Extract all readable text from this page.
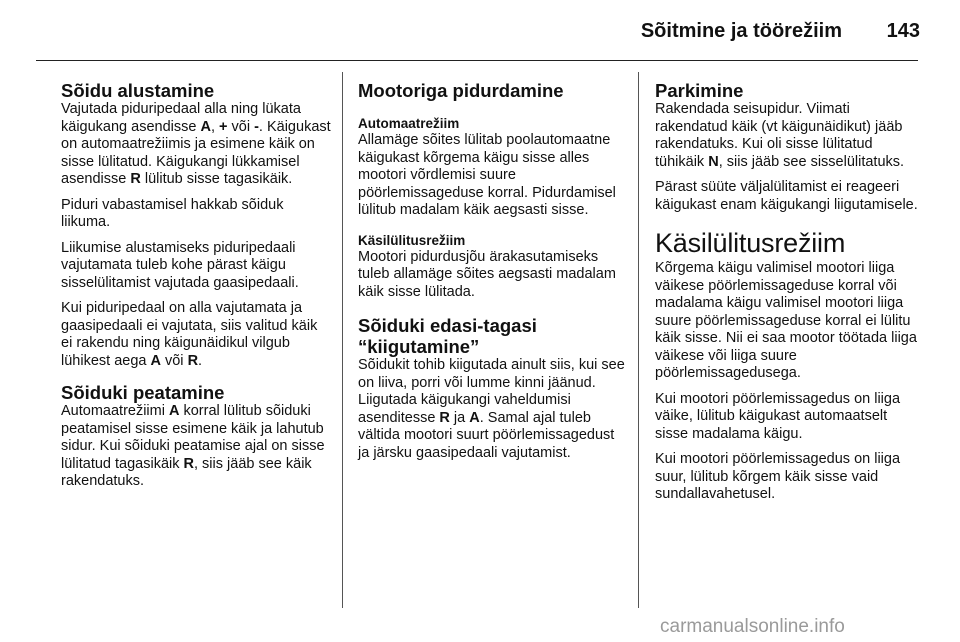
Sõitmine ja töörežiim 143
Sõidu alustamine

Vajutada piduripedaal alla ning lükata käigukang asendisse A, + või -. Käigukast on automaatrežiimis ja esimene käik on sisse lülitatud. Käigukangi lükkamisel asendisse R lülitub sisse tagasikäik.

Piduri vabastamisel hakkab sõiduk liikuma.

Liikumise alustamiseks piduripedaali vajutamata tuleb kohe pärast käigu sisselülitamist vajutada gaasipedaali.

Kui piduripedaal on alla vajutamata ja gaasipedaali ei vajutata, siis valitud käik ei rakendu ning käigunäidikul vilgub lühikest aega A või R.

Sõiduki peatamine

Automaatrežiimi A korral lülitub sõiduki peatamisel sisse esimene käik ja lahutub sidur. Kui sõiduki peatamise ajal on sisse lülitatud tagasikäik R, siis jääb see käik rakendatuks.

Mootoriga pidurdamine
Automaatrežiim

Allamäge sõites lülitab poolautomaatne käigukast kõrgema käigu sisse alles mootori võrdlemisi suure pöörlemissageduse korral. Pidurdamisel lülitub madalam käik aegsasti sisse.

Käsilülitusrežiim

Mootori pidurdusjõu ärakasutamiseks tuleb allamäge sõites aegsasti madalam käik sisse lülitada.

Sõiduki edasi-tagasi
“kiigutamine”

Sõidukit tohib kiigutada ainult siis, kui see on liiva, porri või lumme kinni jäänud. Liigutada käigukangi vaheldumisi asenditesse R ja A. Samal ajal tuleb vältida mootori suurt pöörlemissagedust ja järsku gaasipedaali vajutamist.

Parkimine

Rakendada seisupidur. Viimati rakendatud käik (vt käigunäidikut) jääb rakendatuks. Kui oli sisse lülitatud tühikäik N, siis jääb see sisselülitatuks.

Pärast süüte väljalülitamist ei reageeri käigukast enam käigukangi liigutamisele.

Käsilülitusrežiim

Kõrgema käigu valimisel mootori liiga väikese pöörlemissageduse korral või madalama käigu valimisel mootori liiga suure pöörlemissageduse korral ei lülitu käik sisse. Nii ei saa mootor töötada liiga väikese või liiga suure pöörlemissagedusega.

Kui mootori pöörlemissagedus on liiga väike, lülitub käigukast automaatselt sisse madalama käigu.

Kui mootori pöörlemissagedus on liiga suur, lülitub kõrgem käik sisse vaid sundallavahetusel.

carmanualsonline.info
